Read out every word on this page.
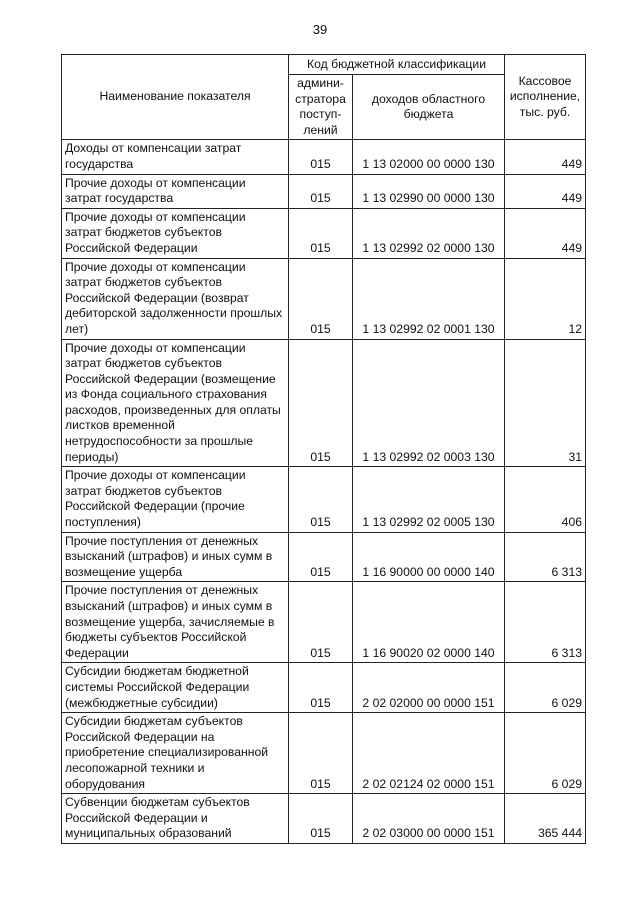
39
Наименование показателя	Код бюджетной классификации		Кассовое исполнение, тыс. руб.
	админи-стратора поступ-лений	доходов областного бюджета	
Доходы от компенсации затрат государства	015	1 13 02000 00 0000 130	449
Прочие доходы от компенсации затрат государства	015	1 13 02990 00 0000 130	449
Прочие доходы от компенсации затрат бюджетов субъектов Российской Федерации	015	1 13 02992 02 0000 130	449
Прочие доходы от компенсации затрат бюджетов субъектов Российской Федерации (возврат дебиторской задолженности прошлых лет)	015	1 13 02992 02 0001 130	12
Прочие доходы от компенсации затрат бюджетов субъектов Российской Федерации (возмещение из Фонда социального страхования расходов, произведенных для оплаты листков временной нетрудоспособности за прошлые периоды)	015	1 13 02992 02 0003 130	31
Прочие доходы от компенсации затрат бюджетов субъектов Российской Федерации (прочие поступления)	015	1 13 02992 02 0005 130	406
Прочие поступления от денежных взысканий (штрафов) и иных сумм в возмещение ущерба	015	1 16 90000 00 0000 140	6 313
Прочие поступления от денежных взысканий (штрафов) и иных сумм в возмещение ущерба, зачисляемые в бюджеты субъектов Российской Федерации	015	1 16 90020 02 0000 140	6 313
Субсидии бюджетам бюджетной системы Российской Федерации (межбюджетные субсидии)	015	2 02 02000 00 0000 151	6 029
Субсидии бюджетам субъектов Российской Федерации на приобретение специализированной лесопожарной техники и оборудования	015	2 02 02124 02 0000 151	6 029
Субвенции бюджетам субъектов Российской Федерации и муниципальных образований	015	2 02 03000 00 0000 151	365 444
